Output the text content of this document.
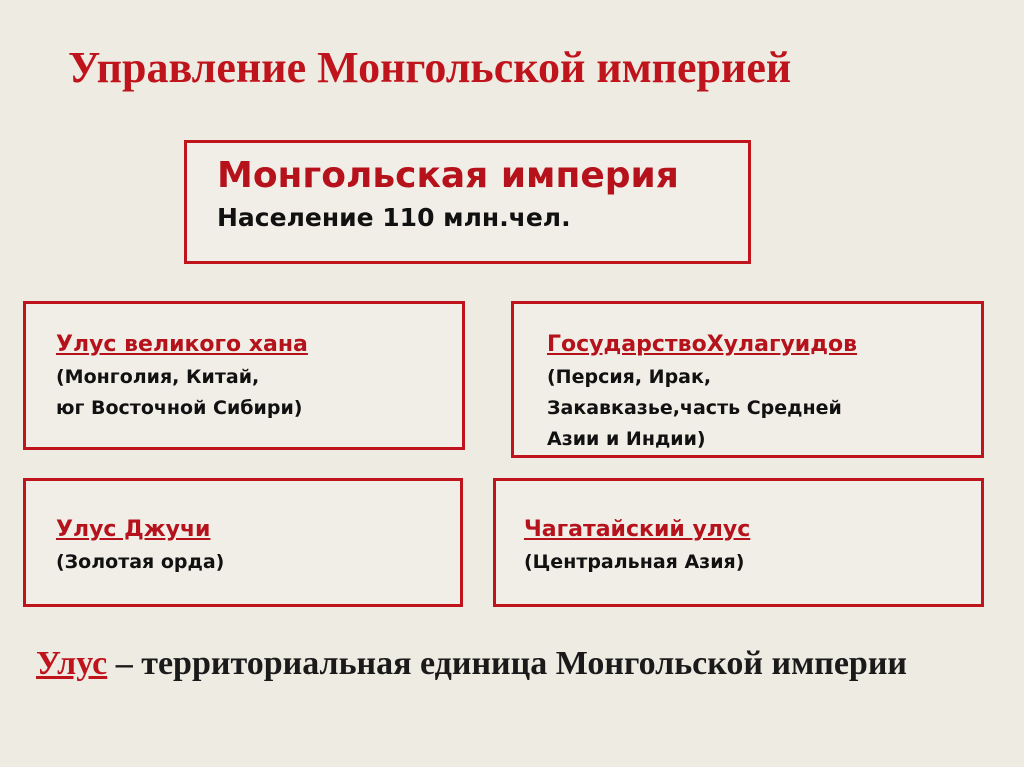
Управление Монгольской империей
Монгольская империя
Население 110 млн.чел.
Улус великого хана
(Монголия, Китай,
юг Восточной Сибири)
ГосударствоХулагуидов
(Персия, Ирак,
Закавказье,часть Средней
Азии и Индии)
Улус Джучи
(Золотая орда)
Чагатайский улус
(Центральная Азия)

Улус – территориальная единица Монгольской империи
